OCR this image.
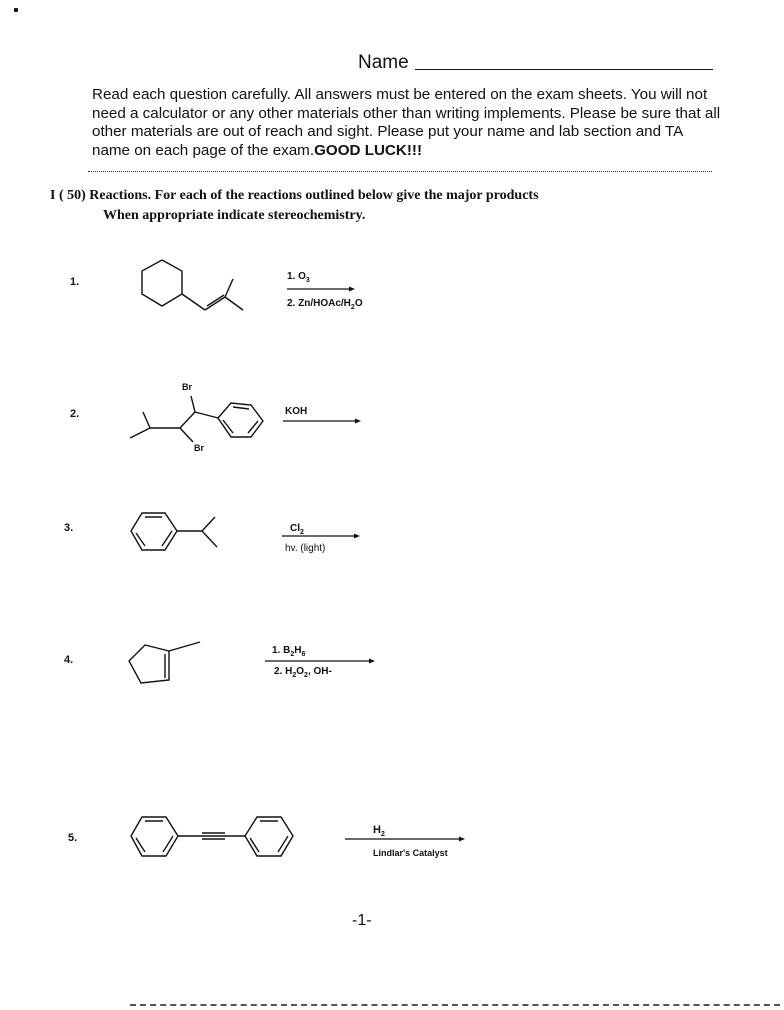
Name
Read each question carefully. All answers must be entered on the exam sheets. You will not need a calculator or any other materials other than writing implements. Please be sure that all other materials are out of reach and sight. Please put your name and lab section and TA name on each page of the exam.GOOD LUCK!!!
I ( 50) Reactions. For each of the reactions outlined below give the major products
When appropriate indicate stereochemistry.
1.	1. $O_3$
2. $Zn/HOAc/H_2O$
2.
Br
Br
KOH
3.	$Cl_2$
hv. (light)
4.
1. $B_2H_6$
2. $H_2O_2$, OH-
5.
$H_2$
Lindlar's Catalyst
-1-
